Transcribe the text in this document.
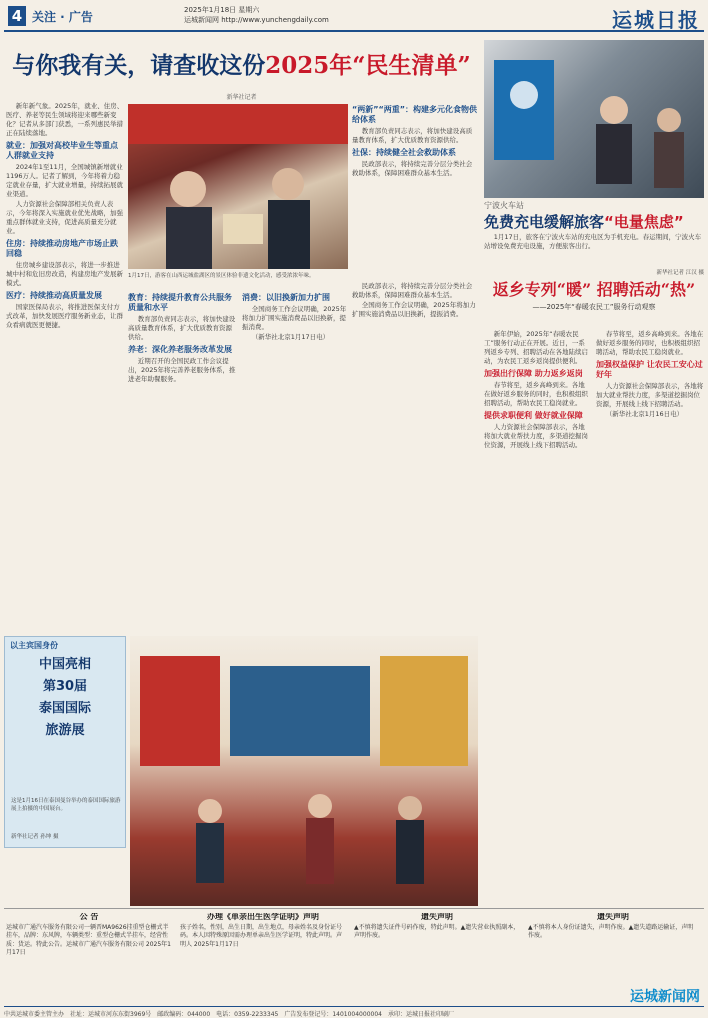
4 关注 · 广告	2025年1月18日 星期六
运城新闻网 http://www.yunchengdaily.com	运城日报
与你我有关，请查收这份2025年“民生清单”
新华社记者

新年新气象。2025年，就业、住房、医疗、养老等民生领域将迎来哪些新变化？记者从多部门获悉，一系列惠民举措正在陆续落地。

就业：加强对高校毕业生等重点人群就业支持

2024年1至11月，全国城镇新增就业1196万人。记者了解到，今年将着力稳定就业存量，扩大就业增量，持续拓展就业渠道。

人力资源社会保障部相关负责人表示，今年将深入实施就业优先战略，加强重点群体就业支持，促进高质量充分就业。

住房：持续推动房地产市场止跌回稳

住房城乡建设部表示，将进一步推进城中村和危旧房改造，构建房地产发展新模式。

医疗：持续推动高质量发展

国家医保局表示，将推进医保支付方式改革，加快发展医疗服务新业态，让群众看病就医更便捷。

1月17日，游客在山西运城盐湖区的景区体验非遗文化活动，感受浓浓年味。
“两新”“两重”：构建多元化食物供给体系

教育部负责同志表示，将加快建设高质量教育体系，扩大优质教育资源供给。

社保：持续健全社会救助体系

民政部表示，将持续完善分层分类社会救助体系，保障困难群众基本生活。

教育：持续提升教育公共服务质量和水平

教育部负责同志表示，将加快建设高质量教育体系，扩大优质教育资源供给。

养老：深化养老服务改革发展

近期召开的全国民政工作会议提出，2025年将完善养老服务体系，推进老年助餐服务。

消费：以旧换新加力扩围

全国商务工作会议明确，2025年将加力扩围实施消费品以旧换新，提振消费。

（新华社北京1月17日电）

民政部表示，将持续完善分层分类社会救助体系，保障困难群众基本生活。

全国商务工作会议明确，2025年将加力扩围实施消费品以旧换新，提振消费。

以主宾国身份
中国亮相
第30届
泰国国际
旅游展
这是1月16日在泰国曼谷举办的泰国国际旅游展上拍摄的中国展台。
新华社记者 孙坤 摄
宁波火车站
免费充电缓解旅客“电量焦虑”

1月17日，旅客在宁波火车站的充电区为手机充电。春运期间，宁波火车站增设免费充电设施，方便旅客出行。

新华社记者 江汉 摄
返乡专列“暖” 招聘活动“热”
——2025年“春暖农民工”服务行动观察

新年伊始，2025年“春暖农民工”服务行动正在开展。近日，一系列返乡专列、招聘活动在各地陆续启动，为农民工返乡返岗提供便利。

加强出行保障 助力返乡返岗

春节将至，返乡高峰到来。各地在做好返乡服务的同时，也积极组织招聘活动，帮助农民工稳岗就业。

提供求职便利 做好就业保障

人力资源社会保障部表示，各地将加大就业帮扶力度，多渠道挖掘岗位资源，开展线上线下招聘活动。

春节将至，返乡高峰到来。各地在做好返乡服务的同时，也积极组织招聘活动，帮助农民工稳岗就业。

加强权益保护 让农民工安心过好年

人力资源社会保障部表示，各地将加大就业帮扶力度，多渠道挖掘岗位资源，开展线上线下招聘活动。

（新华社北京1月16日电）

公 告
运城市广通汽车服务有限公司一辆晋MA9626挂重型仓栅式半挂车，品牌：东风牌，车辆类型：重型仓栅式半挂车，经营性质：货运。特此公告。运城市广通汽车服务有限公司 2025年1月17日
办理《单亲出生医学证明》声明
孩子姓名，性别，出生日期，出生地点，母亲姓名及身份证号码。本人因特殊原因需办理单亲出生医学证明，特此声明。声明人 2025年1月17日
遗失声明
▲不慎将遗失证件号码作废，特此声明。▲遗失营业执照副本，声明作废。
遗失声明
▲不慎将本人身份证遗失，声明作废。▲遗失道路运输证，声明作废。
运城新闻网
中共运城市委主管主办　社址：运城市河东东街3969号　邮政编码：044000　电话：0359-2233345　广告发布登记号：1401004000004　承印：运城日报社印刷厂
